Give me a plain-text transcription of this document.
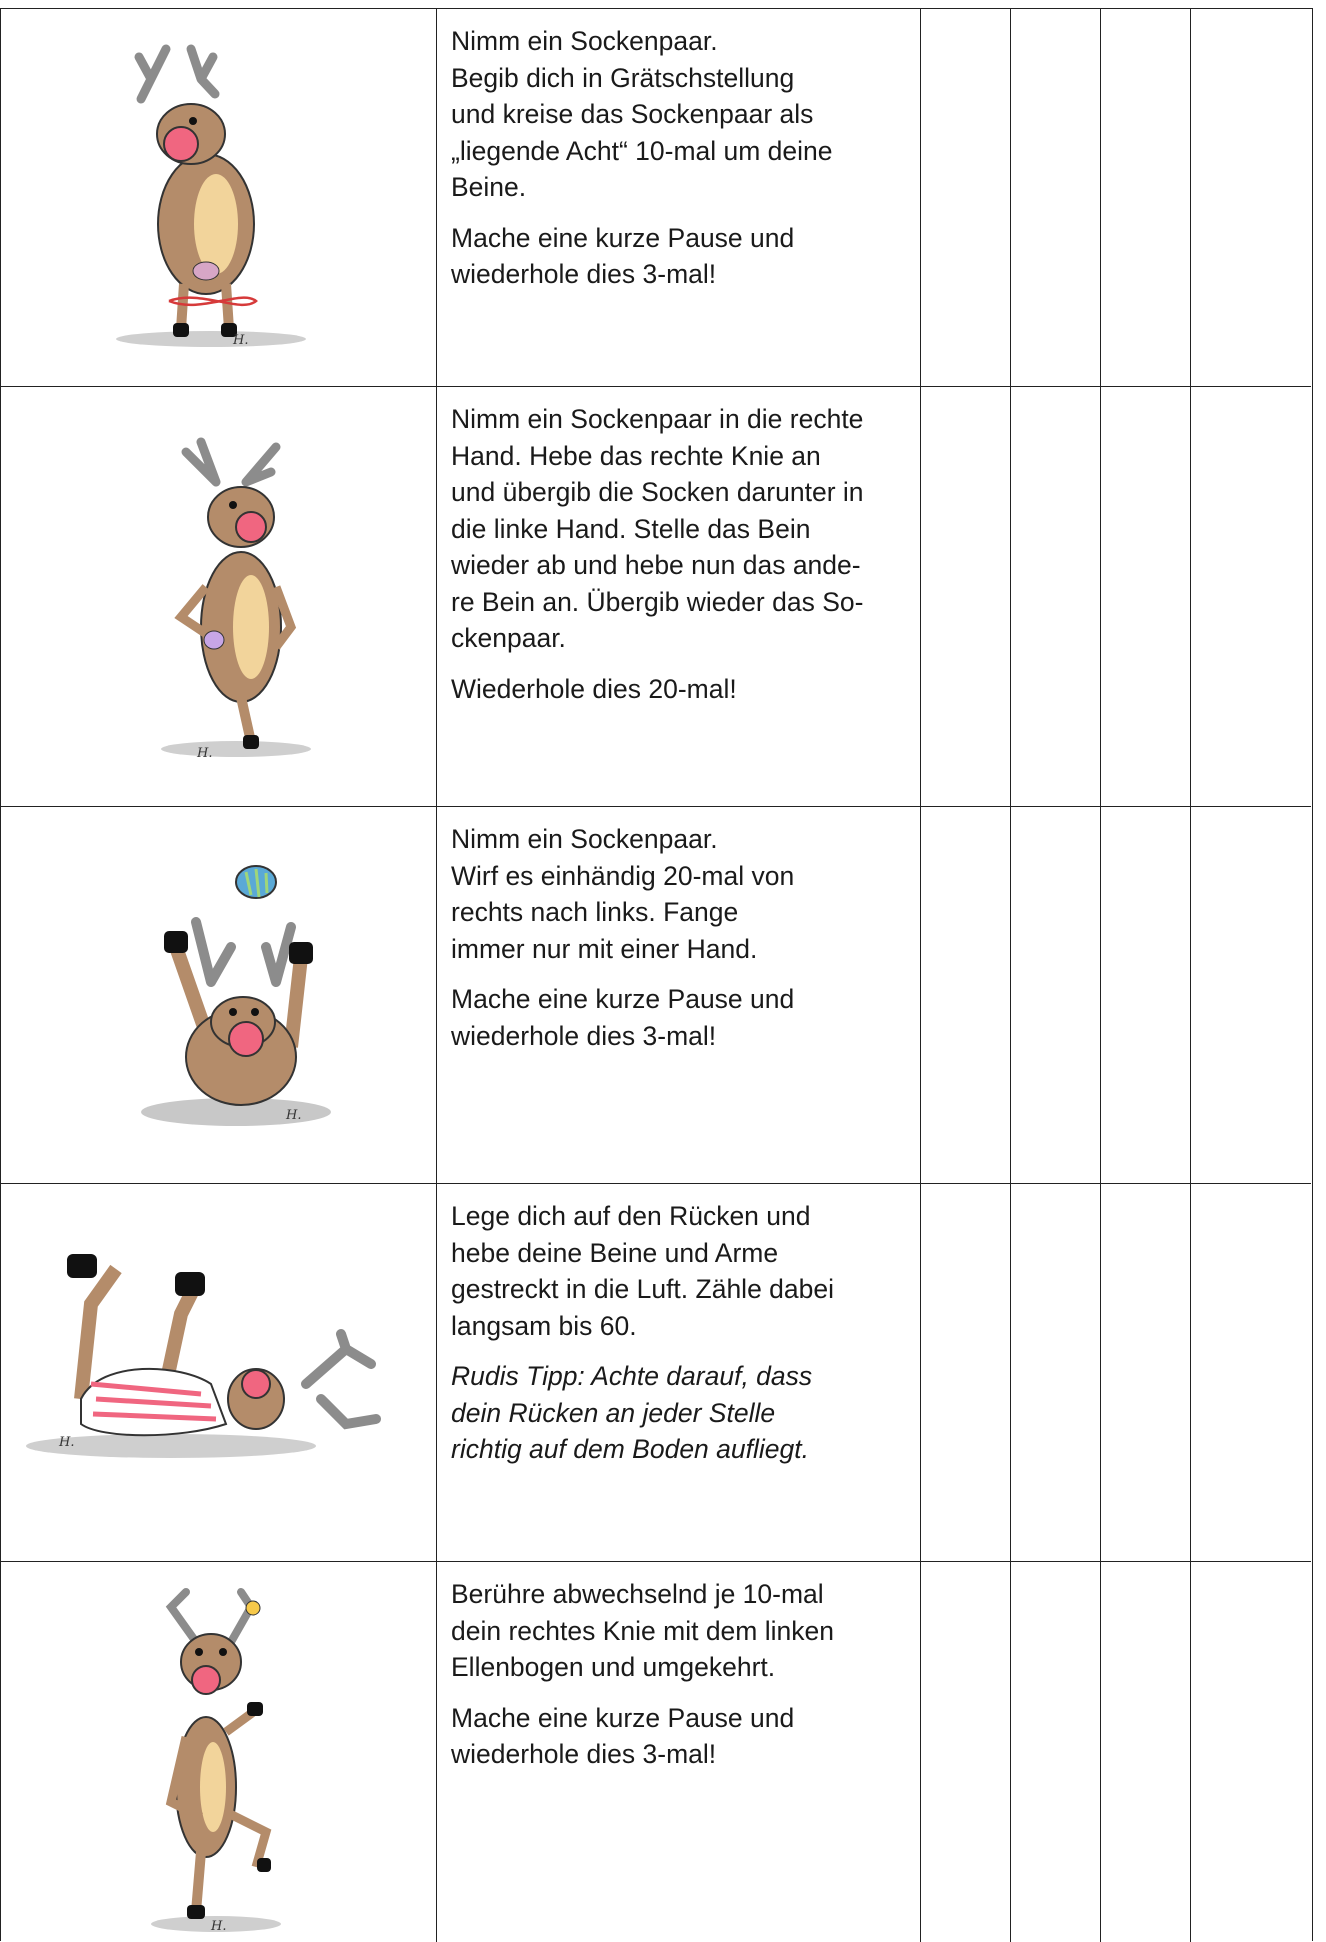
H.

Nimm ein Sockenpaar.
Begib dich in Grätschstellung
und kreise das Sockenpaar als
„liegende Acht“ 10-mal um deine
Beine.

Mache eine kurze Pause und
wiederhole dies 3-mal!

H.

Nimm ein Sockenpaar in die rechte
Hand. Hebe das rechte Knie an
und übergib die Socken darunter in
die linke Hand. Stelle das Bein
wieder ab und hebe nun das ande-
re Bein an. Übergib wieder das So-
ckenpaar.

Wiederhole dies 20-mal!

H.

Nimm ein Sockenpaar.
Wirf es einhändig 20-mal von
rechts nach links. Fange
immer nur mit einer Hand.

Mache eine kurze Pause und
wiederhole dies 3-mal!

H.

Lege dich auf den Rücken und
hebe deine Beine und Arme
gestreckt in die Luft. Zähle dabei
langsam bis 60.

Rudis Tipp: Achte darauf, dass
dein Rücken an jeder Stelle
richtig auf dem Boden aufliegt.

H.

Berühre abwechselnd je 10-mal
dein rechtes Knie mit dem linken
Ellenbogen und umgekehrt.

Mache eine kurze Pause und
wiederhole dies 3-mal!
